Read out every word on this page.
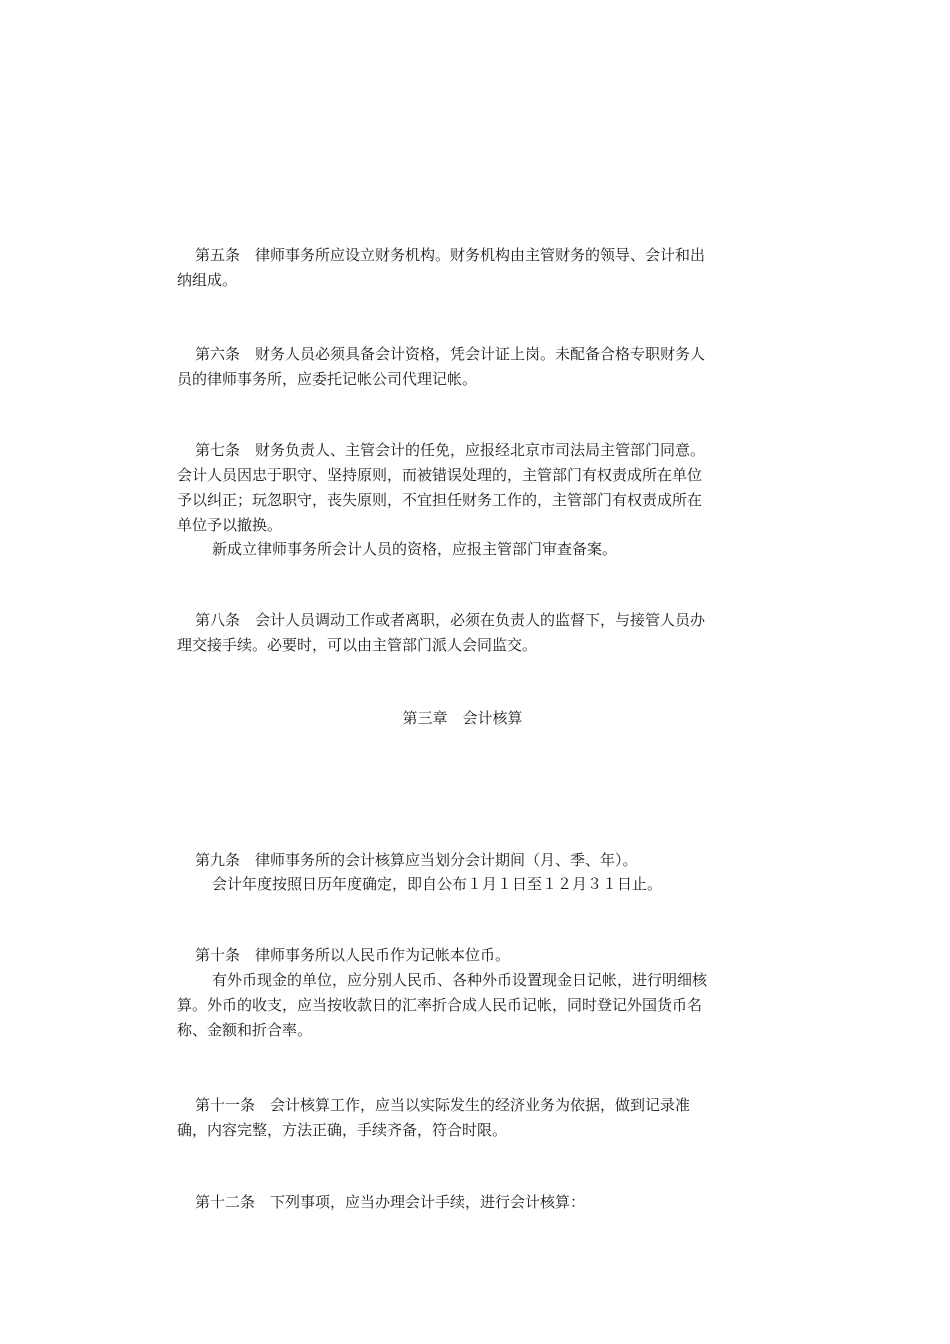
第五条　律师事务所应设立财务机构。财务机构由主管财务的领导、会计和出
纳组成。
第六条　财务人员必须具备会计资格，凭会计证上岗。未配备合格专职财务人
员的律师事务所，应委托记帐公司代理记帐。
第七条　财务负责人、主管会计的任免，应报经北京市司法局主管部门同意。
会计人员因忠于职守、坚持原则，而被错误处理的，主管部门有权责成所在单位
予以纠正；玩忽职守，丧失原则，不宜担任财务工作的，主管部门有权责成所在
单位予以撤换。
新成立律师事务所会计人员的资格，应报主管部门审查备案。
第八条　会计人员调动工作或者离职，必须在负责人的监督下，与接管人员办
理交接手续。必要时，可以由主管部门派人会同监交。
第三章　会计核算
第九条　律师事务所的会计核算应当划分会计期间（月、季、年）。
会计年度按照日历年度确定，即自公布１月１日至１２月３１日止。
第十条　律师事务所以人民币作为记帐本位币。
有外币现金的单位，应分别人民币、各种外币设置现金日记帐，进行明细核
算。外币的收支，应当按收款日的汇率折合成人民币记帐，同时登记外国货币名
称、金额和折合率。
第十一条　会计核算工作，应当以实际发生的经济业务为依据，做到记录准
确，内容完整，方法正确，手续齐备，符合时限。
第十二条　下列事项，应当办理会计手续，进行会计核算：
